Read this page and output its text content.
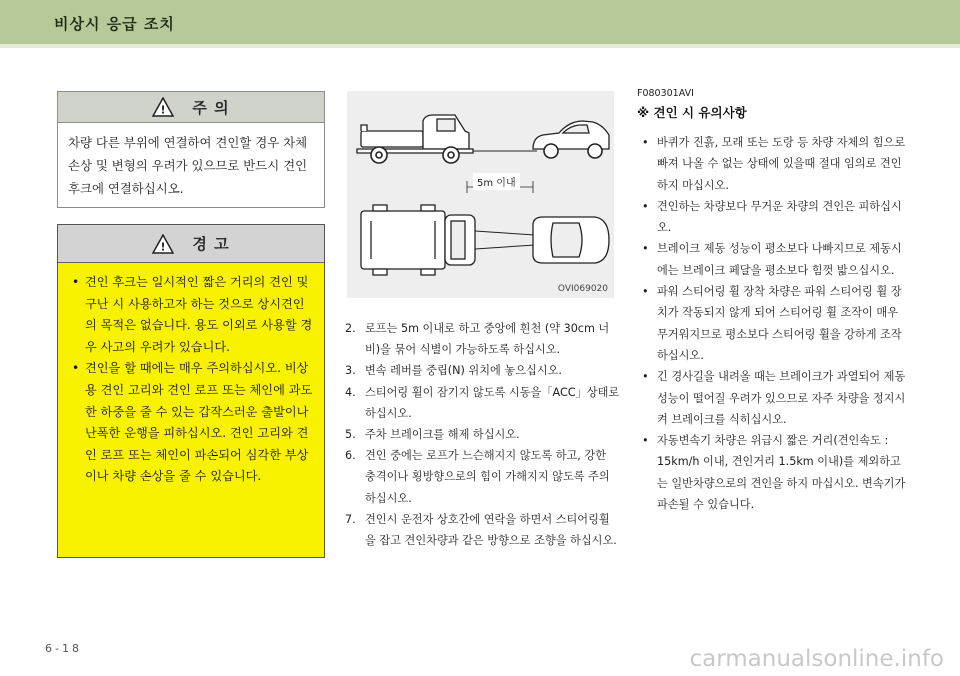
비상시 응급 조치
! 주 의
차량 다른 부위에 연결하여 견인할 경우 차체 손상 및 변형의 우려가 있으므로 반드시 견인 후크에 연결하십시오.
! 경 고
• 견인 후크는 일시적인 짧은 거리의 견인 및 구난 시 사용하고자 하는 것으로 상시견인의 목적은 없습니다. 용도 이외로 사용할 경우 사고의 우려가 있습니다.
• 견인을 할 때에는 매우 주의하십시오. 비상용 견인 고리와 견인 로프 또는 체인에 과도한 하중을 줄 수 있는 갑작스러운 출발이나 난폭한 운행을 피하십시오. 견인 고리와 견인 로프 또는 체인이 파손되어 심각한 부상이나 차량 손상을 줄 수 있습니다.
5m 이내
OVI069020
2. 로프는 5m 이내로 하고 중앙에 흰천 (약 30cm 너비)을 묶어 식별이 가능하도록 하십시오.
3. 변속 레버를 중립(N) 위치에 놓으십시오.
4. 스티어링 휠이 잠기지 않도록 시동을「ACC」상태로 하십시오.
5. 주차 브레이크를 해제 하십시오.
6. 견인 중에는 로프가 느슨해지지 않도록 하고, 강한 충격이나 횡방향으로의 힘이 가해지지 않도록 주의 하십시오.
7. 견인시 운전자 상호간에 연락을 하면서 스티어링휠을 잡고 견인차량과 같은 방향으로 조향을 하십시오.
F080301AVI
※ 견인 시 유의사항
• 바퀴가 진흙, 모래 또는 도랑 등 차량 자체의 힘으로 빠져 나올 수 없는 상태에 있을때 절대 임의로 견인하지 마십시오.
• 견인하는 차량보다 무거운 차량의 견인은 피하십시오.
• 브레이크 제동 성능이 평소보다 나빠지므로 제동시에는 브레이크 페달을 평소보다 힘껏 밟으십시오.
• 파워 스티어링 휠 장착 차량은 파워 스티어링 휠 장치가 작동되지 않게 되어 스티어링 휠 조작이 매우 무거워지므로 평소보다 스티어링 휠을 강하게 조작하십시오.
• 긴 경사길을 내려올 때는 브레이크가 과열되어 제동 성능이 떨어질 우려가 있으므로 자주 차량을 정지시켜 브레이크를 식히십시오.
• 자동변속기 차량은 위급시 짧은 거리(견인속도 : 15km/h 이내, 견인거리 1.5km 이내)를 제외하고는 일반차량으로의 견인을 하지 마십시오. 변속기가 파손될 수 있습니다.
6-18	carmanualsonline.info
